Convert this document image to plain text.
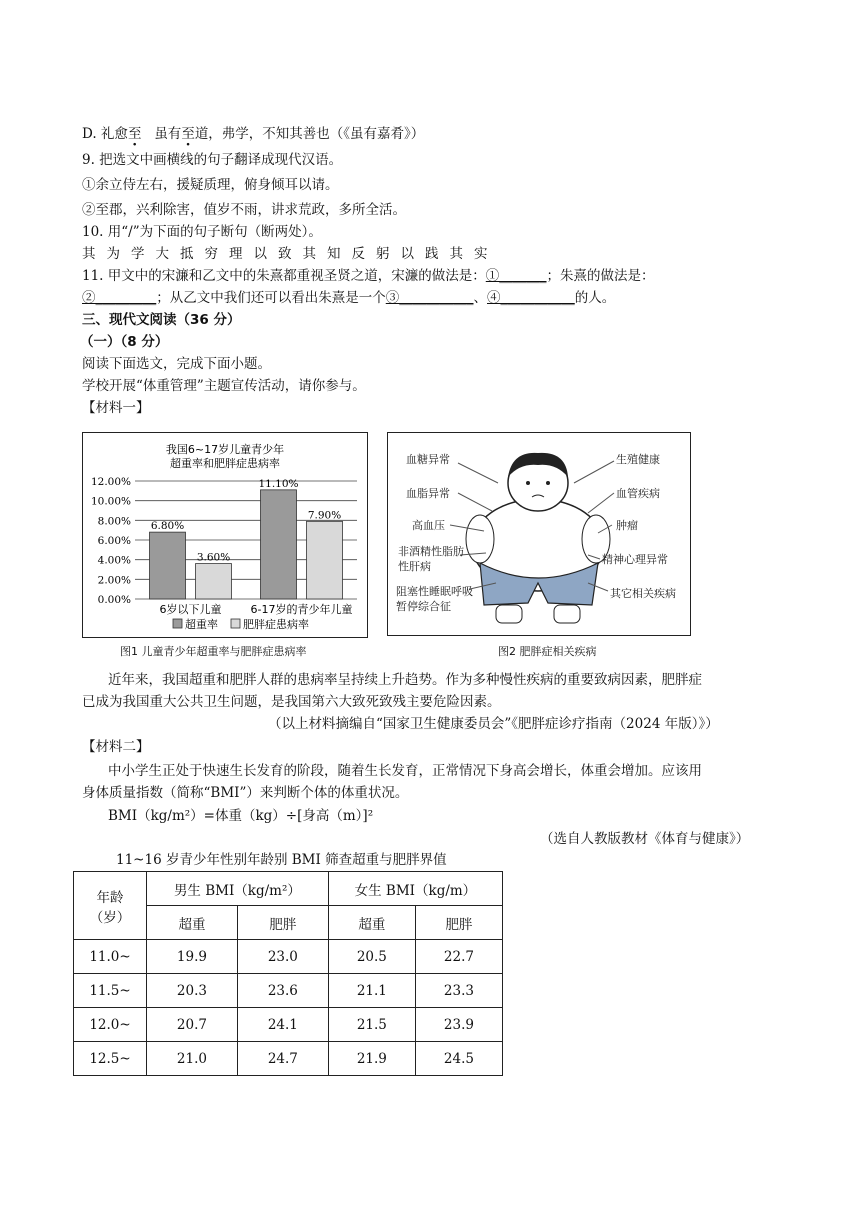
D. 礼愈至 虽有至道，弗学，不知其善也（《虽有嘉肴》）
9. 把选文中画横线的句子翻译成现代汉语。
①余立侍左右，援疑质理，俯身倾耳以请。
②至郡，兴利除害，值岁不雨，讲求荒政，多所全活。
10. 用“/”为下面的句子断句（断两处）。
其为学大抵穷理以致其知反躬以践其实
11. 甲文中的宋濂和乙文中的朱熹都重视圣贤之道，宋濂的做法是：①_______；朱熹的做法是：
②_________；从乙文中我们还可以看出朱熹是一个③___________、④___________的人。
三、现代文阅读（36 分）
（一）（8 分）
阅读下面选文，完成下面小题。
学校开展“体重管理”主题宣传活动，请你参与。
【材料一】
我国6~17岁儿童青少年
超重率和肥胖症患病率
12.00%
10.00%
8.00%
6.00%
4.00%
2.00%
0.00%
6.80%
3.60%
6岁以下儿童
11.10%
7.90%
6-17岁的青少年儿童
超重率 肥胖症患病率
图1 儿童青少年超重率与肥胖症患病率
血糖异常
血脂异常
高血压
非酒精性脂肪
性肝病
阻塞性睡眠呼吸
暂停综合征
生殖健康
血管疾病
肿瘤
精神心理异常
其它相关疾病
图2 肥胖症相关疾病
近年来，我国超重和肥胖人群的患病率呈持续上升趋势。作为多种慢性疾病的重要致病因素，肥胖症
已成为我国重大公共卫生问题，是我国第六大致死致残主要危险因素。
（以上材料摘编自“国家卫生健康委员会”《肥胖症诊疗指南（2024 年版）》）
【材料二】
中小学生正处于快速生长发育的阶段，随着生长发育，正常情况下身高会增长，体重会增加。应该用
身体质量指数（简称“BMI”）来判断个体的体重状况。
BMI（kg/m²）=体重（kg）÷[身高（m）]²
（选自人教版教材《体育与健康》）
11~16 岁青少年性别年龄别 BMI 筛查超重与肥胖界值
年龄
（岁）	男生 BMI（kg/m²）		女生 BMI（kg/m）	
	超重	肥胖	超重	肥胖
11.0~	19.9	23.0	20.5	22.7
11.5~	20.3	23.6	21.1	23.3
12.0~	20.7	24.1	21.5	23.9
12.5~	21.0	24.7	21.9	24.5
